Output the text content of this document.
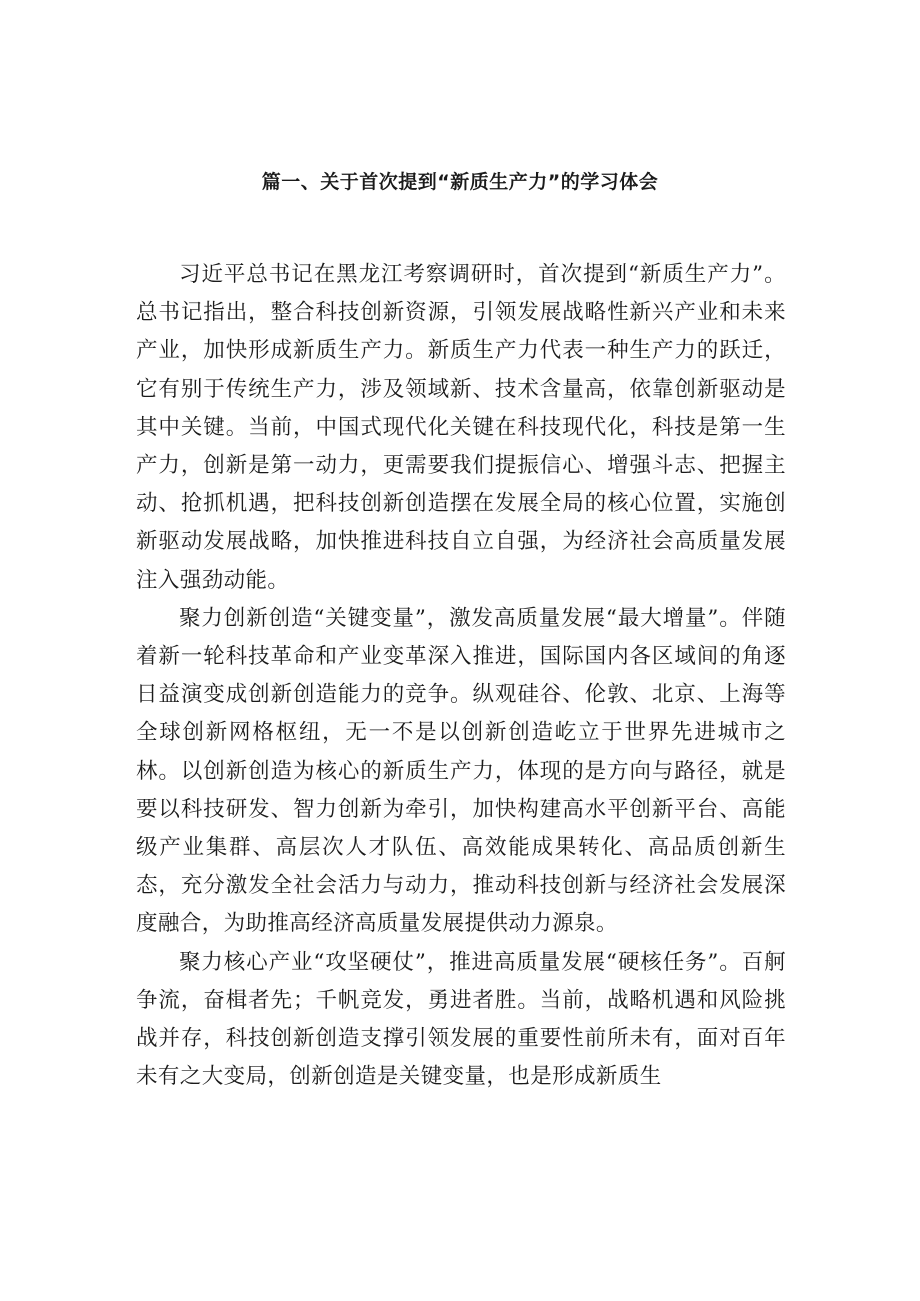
篇一、关于首次提到“新质生产力”的学习体会

习近平总书记在黑龙江考察调研时，首次提到“新质生产力”。总书记指出，整合科技创新资源，引领发展战略性新兴产业和未来产业，加快形成新质生产力。新质生产力代表一种生产力的跃迁，它有别于传统生产力，涉及领域新、技术含量高，依靠创新驱动是其中关键。当前，中国式现代化关键在科技现代化，科技是第一生产力，创新是第一动力，更需要我们提振信心、增强斗志、把握主动、抢抓机遇，把科技创新创造摆在发展全局的核心位置，实施创新驱动发展战略，加快推进科技自立自强，为经济社会高质量发展注入强劲动能。

聚力创新创造“关键变量”，激发高质量发展“最大增量”。伴随着新一轮科技革命和产业变革深入推进，国际国内各区域间的角逐日益演变成创新创造能力的竞争。纵观硅谷、伦敦、北京、上海等全球创新网格枢纽，无一不是以创新创造屹立于世界先进城市之林。以创新创造为核心的新质生产力，体现的是方向与路径，就是要以科技研发、智力创新为牵引，加快构建高水平创新平台、高能级产业集群、高层次人才队伍、高效能成果转化、高品质创新生态，充分激发全社会活力与动力，推动科技创新与经济社会发展深度融合，为助推高经济高质量发展提供动力源泉。

聚力核心产业“攻坚硬仗”，推进高质量发展“硬核任务”。百舸争流，奋楫者先；千帆竞发，勇进者胜。当前，战略机遇和风险挑战并存，科技创新创造支撑引领发展的重要性前所未有，面对百年未有之大变局，创新创造是关键变量，也是形成新质生
